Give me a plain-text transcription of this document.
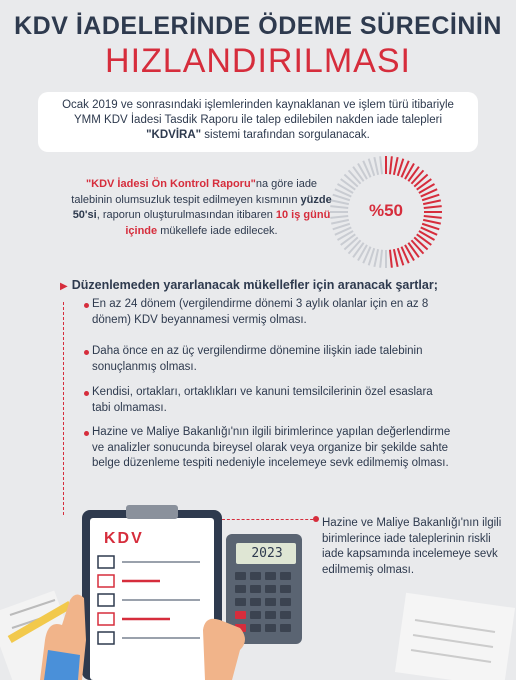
KDV İADELERİNDE ÖDEME SÜRECİNİN
HIZLANDIRILMASI
Ocak 2019 ve sonrasındaki işlemlerinden kaynaklanan ve işlem türü itibariyle YMM KDV İadesi Tasdik Raporu ile talep edilebilen nakden iade talepleri "KDVİRA" sistemi tarafından sorgulanacak.
"KDV İadesi Ön Kontrol Raporu"na göre iade talebinin olumsuzluk tespit edilmeyen kısmının yüzde 50'si, raporun oluşturulmasından itibaren 10 iş günü içinde mükellefe iade edilecek.
%50
▶ Düzenlemeden yararlanacak mükellefler için aranacak şartlar;
En az 24 dönem (vergilendirme dönemi 3 aylık olanlar için en az 8 dönem) KDV beyannamesi vermiş olması.
Daha önce en az üç vergilendirme dönemine ilişkin iade talebinin sonuçlanmış olması.
Kendisi, ortakları, ortaklıkları ve kanuni temsilcilerinin özel esaslara tabi olmaması.
Hazine ve Maliye Bakanlığı'nın ilgili birimlerince yapılan değerlendirme ve analizler sonucunda bireysel olarak veya organize bir şekilde sahte belge düzenleme tespiti nedeniyle incelemeye sevk edilmemiş olması.
KDV
2023
Hazine ve Maliye Bakanlığı'nın ilgili birimlerince iade taleplerinin riskli iade kapsamında incelemeye sevk edilmemiş olması.
